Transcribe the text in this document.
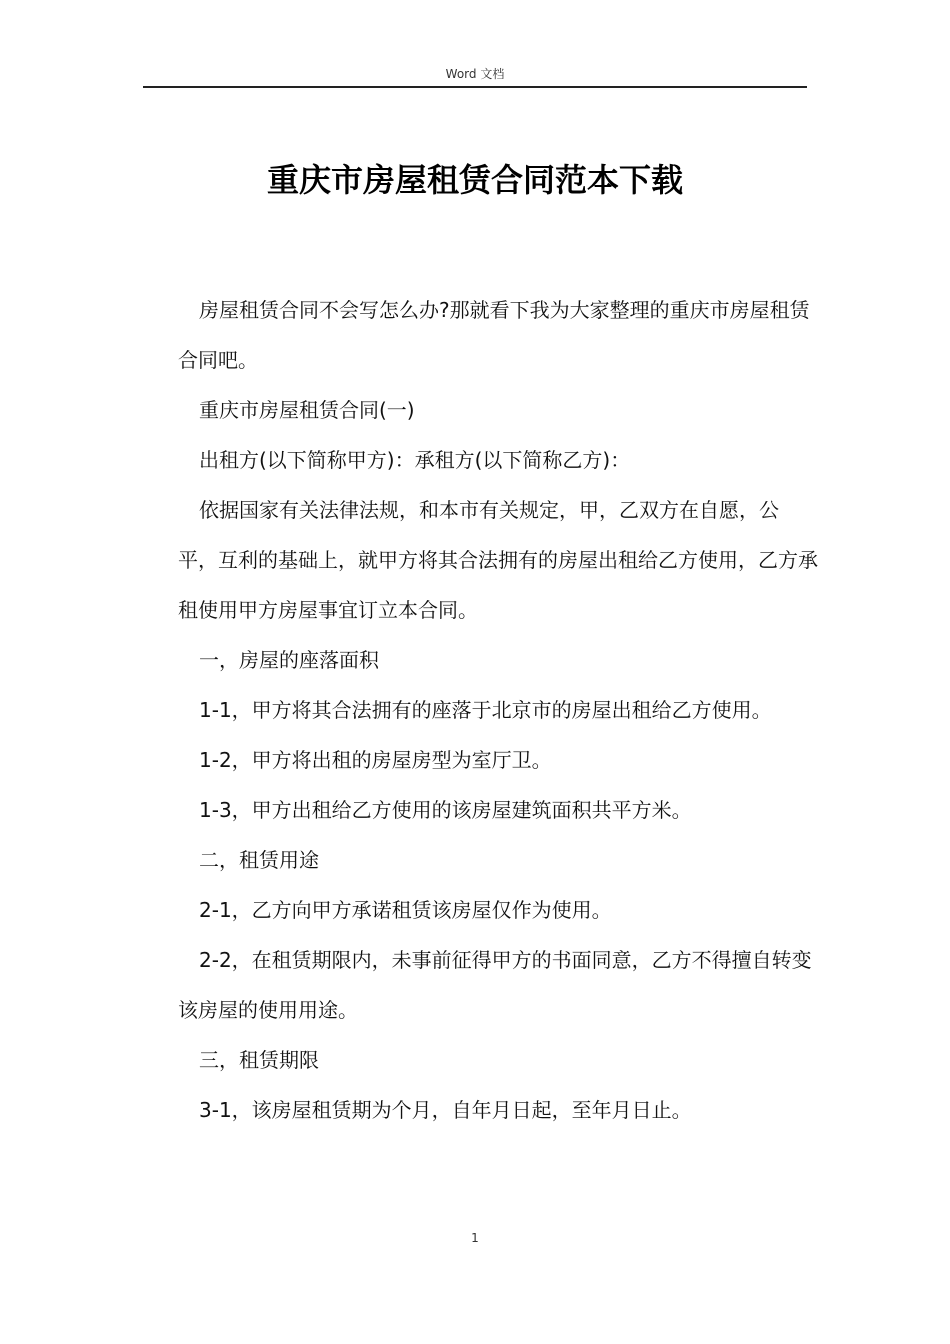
Word 文档
重庆市房屋租赁合同范本下载

房屋租赁合同不会写怎么办?那就看下我为大家整理的重庆市房屋租赁合同吧。

重庆市房屋租赁合同(一)

出租方(以下简称甲方)：承租方(以下简称乙方)：

依据国家有关法律法规，和本市有关规定，甲，乙双方在自愿，公平，互利的基础上，就甲方将其合法拥有的房屋出租给乙方使用，乙方承租使用甲方房屋事宜订立本合同。

一，房屋的座落面积

1-1，甲方将其合法拥有的座落于北京市的房屋出租给乙方使用。

1-2，甲方将出租的房屋房型为室厅卫。

1-3，甲方出租给乙方使用的该房屋建筑面积共平方米。

二，租赁用途

2-1，乙方向甲方承诺租赁该房屋仅作为使用。

2-2，在租赁期限内，未事前征得甲方的书面同意，乙方不得擅自转变该房屋的使用用途。

三，租赁期限

3-1，该房屋租赁期为个月，自年月日起，至年月日止。

1
